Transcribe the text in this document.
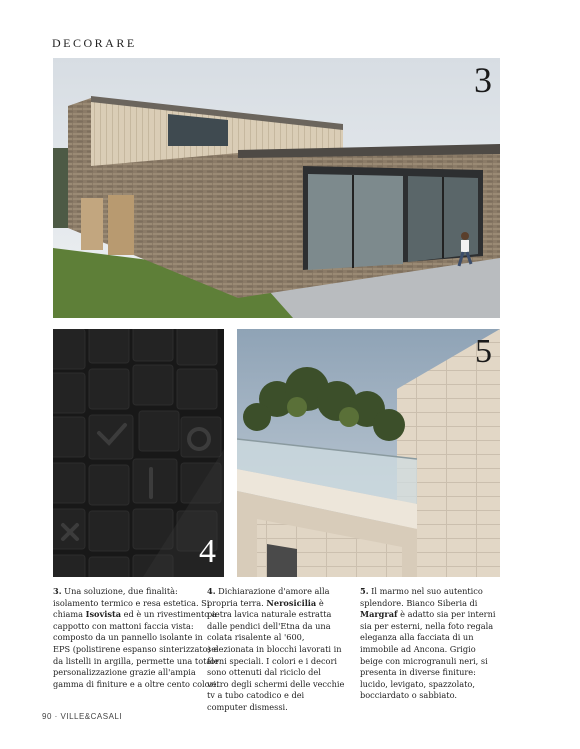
DECORARE
3
4
5
3. Una soluzione, due finalità: isolamento termico e resa estetica. Si chiama Isovista ed è un rivestimento a cappotto con mattoni faccia vista: composto da un pannello isolante in EPS (polistirene espanso sinterizzato) e da listelli in argilla, permette una totale personalizzazione grazie all'ampia gamma di finiture e a oltre cento colori.
4. Dichiarazione d'amore alla propria terra. Nerosicilia è pietra lavica naturale estratta dalle pendici dell'Etna da una colata risalente al '600, selezionata in blocchi lavorati in forni speciali. I colori e i decori sono ottenuti dal riciclo del vetro degli schermi delle vecchie tv a tubo catodico e dei computer dismessi.
5. Il marmo nel suo autentico splendore. Bianco Siberia di Margraf è adatto sia per interni sia per esterni, nella foto regala eleganza alla facciata di un immobile ad Ancona. Grigio beige con microgranuli neri, si presenta in diverse finiture: lucido, levigato, spazzolato, bocciardato o sabbiato.
90 · VILLE&CASALI
